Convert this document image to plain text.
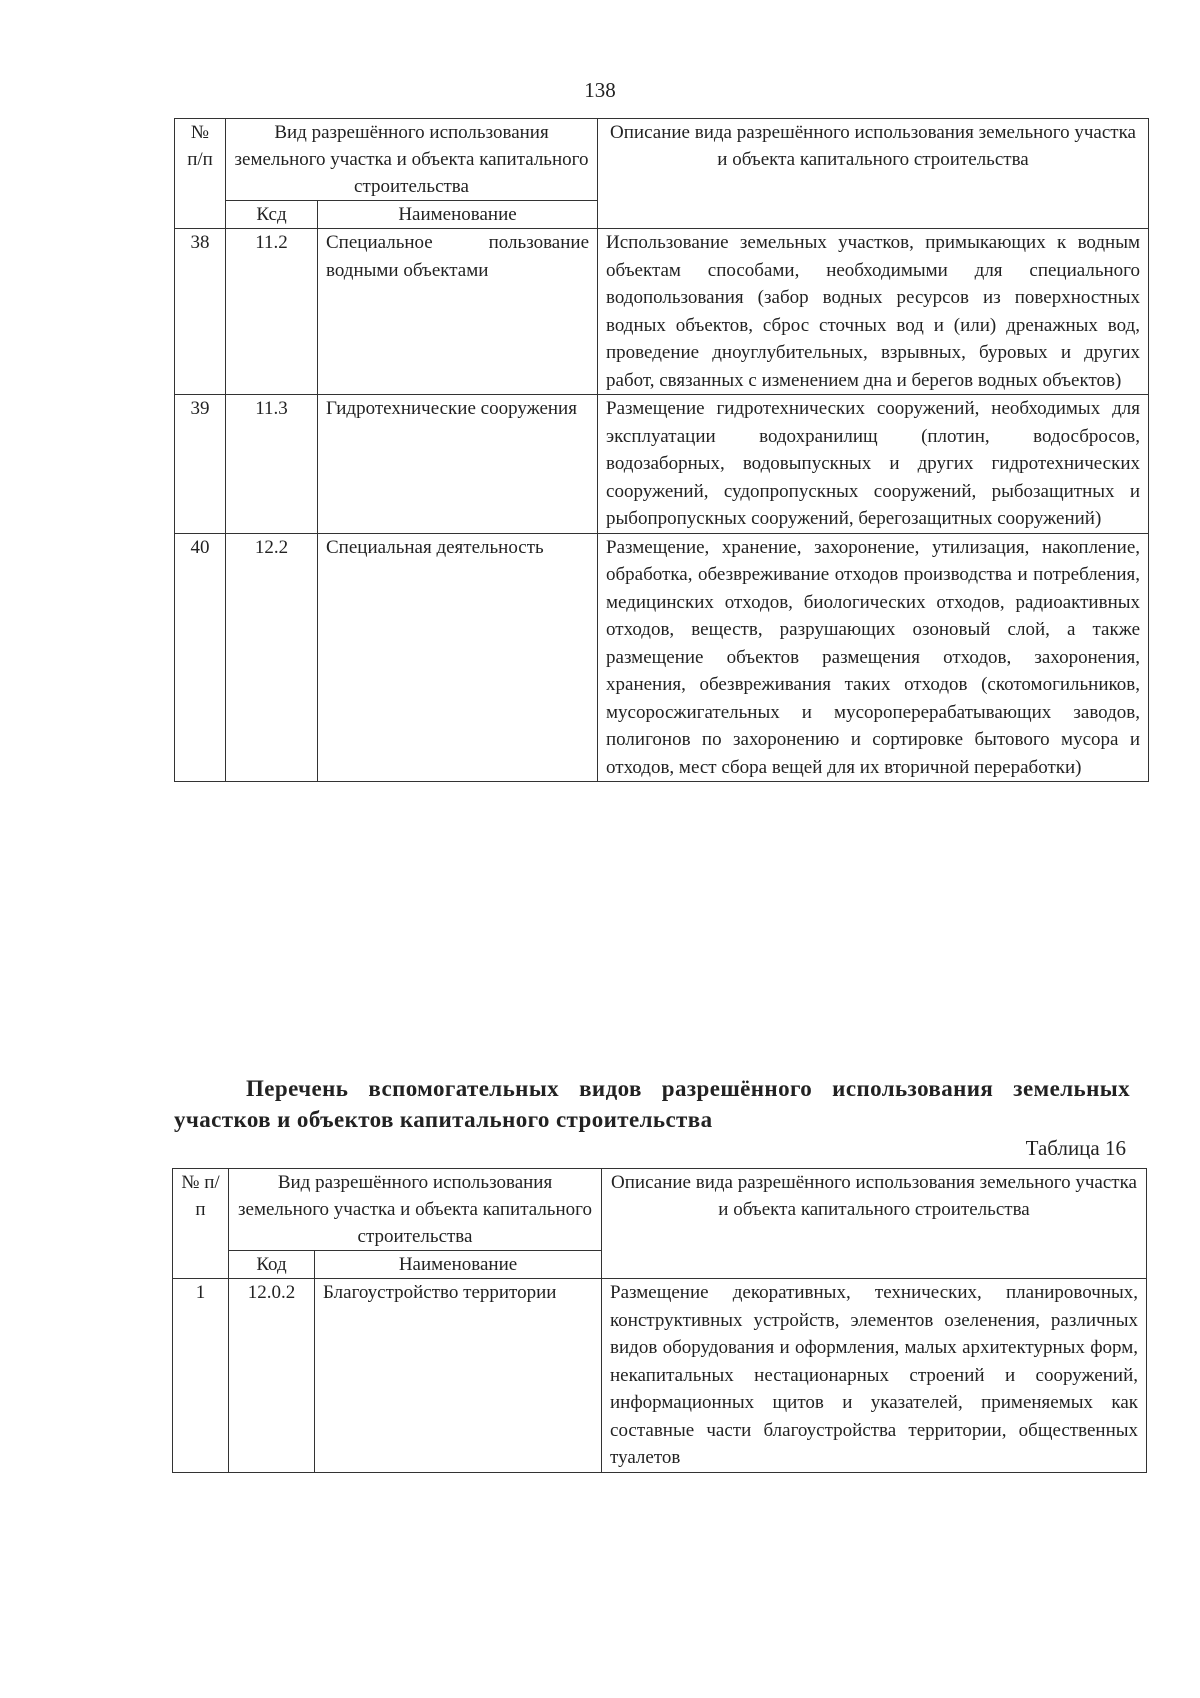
138
№ п/п	Вид разрешённого использования земельного участка и объекта капитального строительства		Описание вида разрешённого использования земельного участка и объекта капитального строительства
	Ксд	Наименование	
38	11.2	Специальное пользование водными объектами	Использование земельных участков, примыкающих к водным объектам способами, необходимыми для специального водопользования (забор водных ресурсов из поверхностных водных объектов, сброс сточных вод и (или) дренажных вод, проведение дноуглубительных, взрывных, буровых и других работ, связанных с изменением дна и берегов водных объектов)
39	11.3	Гидротехнические сооружения	Размещение гидротехнических сооружений, необходимых для эксплуатации водохранилищ (плотин, водосбросов, водозаборных, водовыпускных и других гидротехнических сооружений, судопропускных сооружений, рыбозащитных и рыбопропускных сооружений, берегозащитных сооружений)
40	12.2	Специальная деятельность	Размещение, хранение, захоронение, утилизация, накопление, обработка, обезвреживание отходов производства и потребления, медицинских отходов, биологических отходов, радиоактивных отходов, веществ, разрушающих озоновый слой, а также размещение объектов размещения отходов, захоронения, хранения, обезвреживания таких отходов (скотомогильников, мусоросжигательных и мусороперерабатывающих заводов, полигонов по захоронению и сортировке бытового мусора и отходов, мест сбора вещей для их вторичной переработки)
Перечень вспомогательных видов разрешённого использования земельных участков и объектов капитального строительства
Таблица 16
№ п/п	Вид разрешённого использования земельного участка и объекта капитального строительства		Описание вида разрешённого использования земельного участка и объекта капитального строительства
	Код	Наименование	
1	12.0.2	Благоустройство территории	Размещение декоративных, технических, планировочных, конструктивных устройств, элементов озеленения, различных видов оборудования и оформления, малых архитектурных форм, некапитальных нестационарных строений и сооружений, информационных щитов и указателей, применяемых как составные части благоустройства территории, общественных туалетов
